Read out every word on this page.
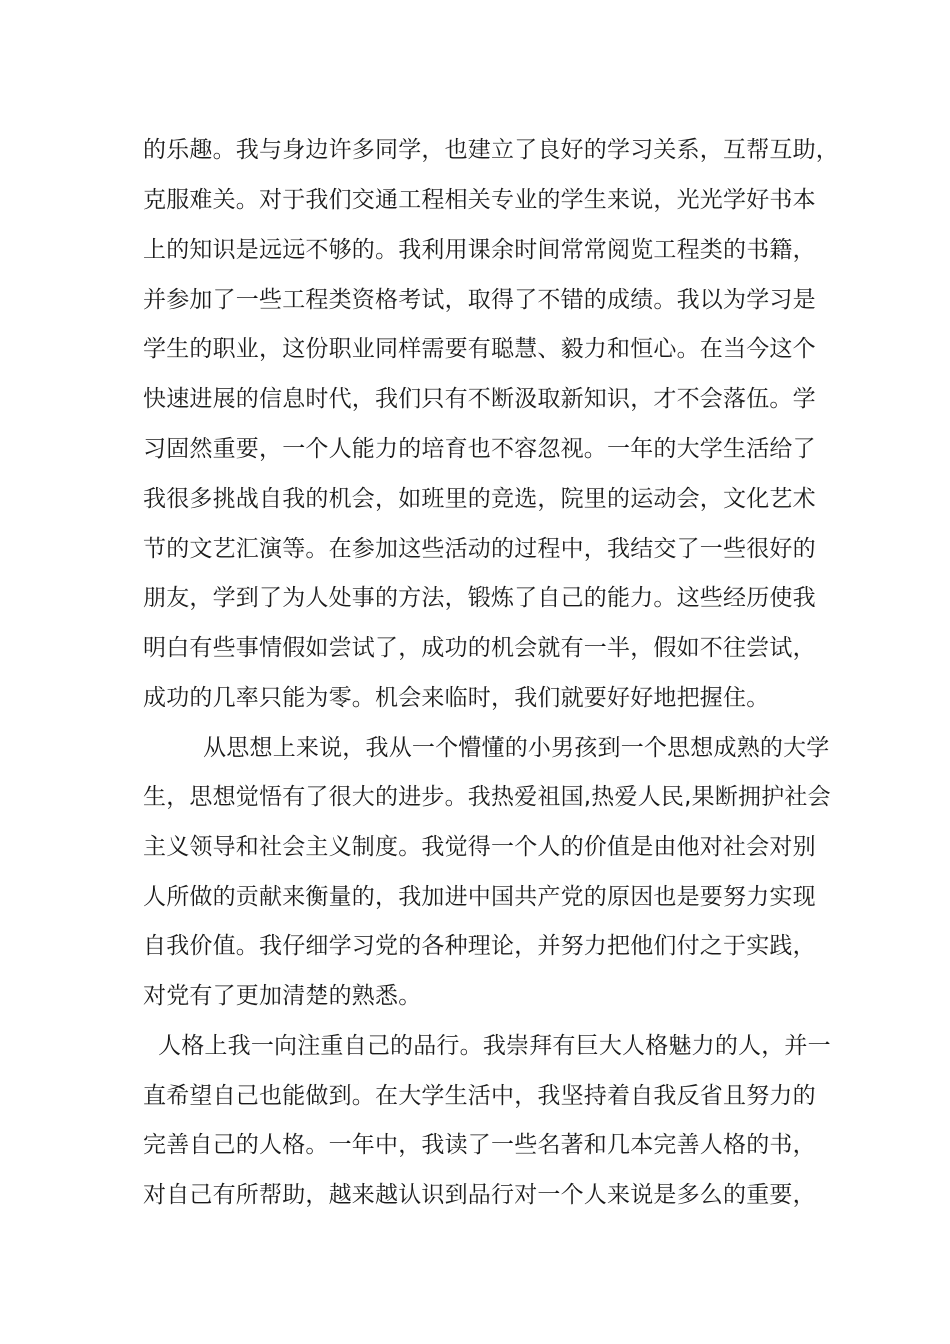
的乐趣。我与身边许多同学，也建立了良好的学习关系，互帮互助，
克服难关。对于我们交通工程相关专业的学生来说，光光学好书本
上的知识是远远不够的。我利用课余时间常常阅览工程类的书籍，
并参加了一些工程类资格考试，取得了不错的成绩。我以为学习是
学生的职业，这份职业同样需要有聪慧、毅力和恒心。在当今这个
快速进展的信息时代，我们只有不断汲取新知识，才不会落伍。学
习固然重要，一个人能力的培育也不容忽视。一年的大学生活给了
我很多挑战自我的机会，如班里的竞选，院里的运动会，文化艺术
节的文艺汇演等。在参加这些活动的过程中，我结交了一些很好的
朋友，学到了为人处事的方法，锻炼了自己的能力。这些经历使我
明白有些事情假如尝试了，成功的机会就有一半，假如不往尝试，
成功的几率只能为零。机会来临时，我们就要好好地把握住。
从思想上来说，我从一个懵懂的小男孩到一个思想成熟的大学
生，思想觉悟有了很大的进步。我热爱祖国,热爱人民,果断拥护社会
主义领导和社会主义制度。我觉得一个人的价值是由他对社会对别
人所做的贡献来衡量的，我加进中国共产党的原因也是要努力实现
自我价值。我仔细学习党的各种理论，并努力把他们付之于实践，
对党有了更加清楚的熟悉。
人格上我一向注重自己的品行。我崇拜有巨大人格魅力的人，并一
直希望自己也能做到。在大学生活中，我坚持着自我反省且努力的
完善自己的人格。一年中，我读了一些名著和几本完善人格的书，
对自己有所帮助，越来越认识到品行对一个人来说是多么的重要，
